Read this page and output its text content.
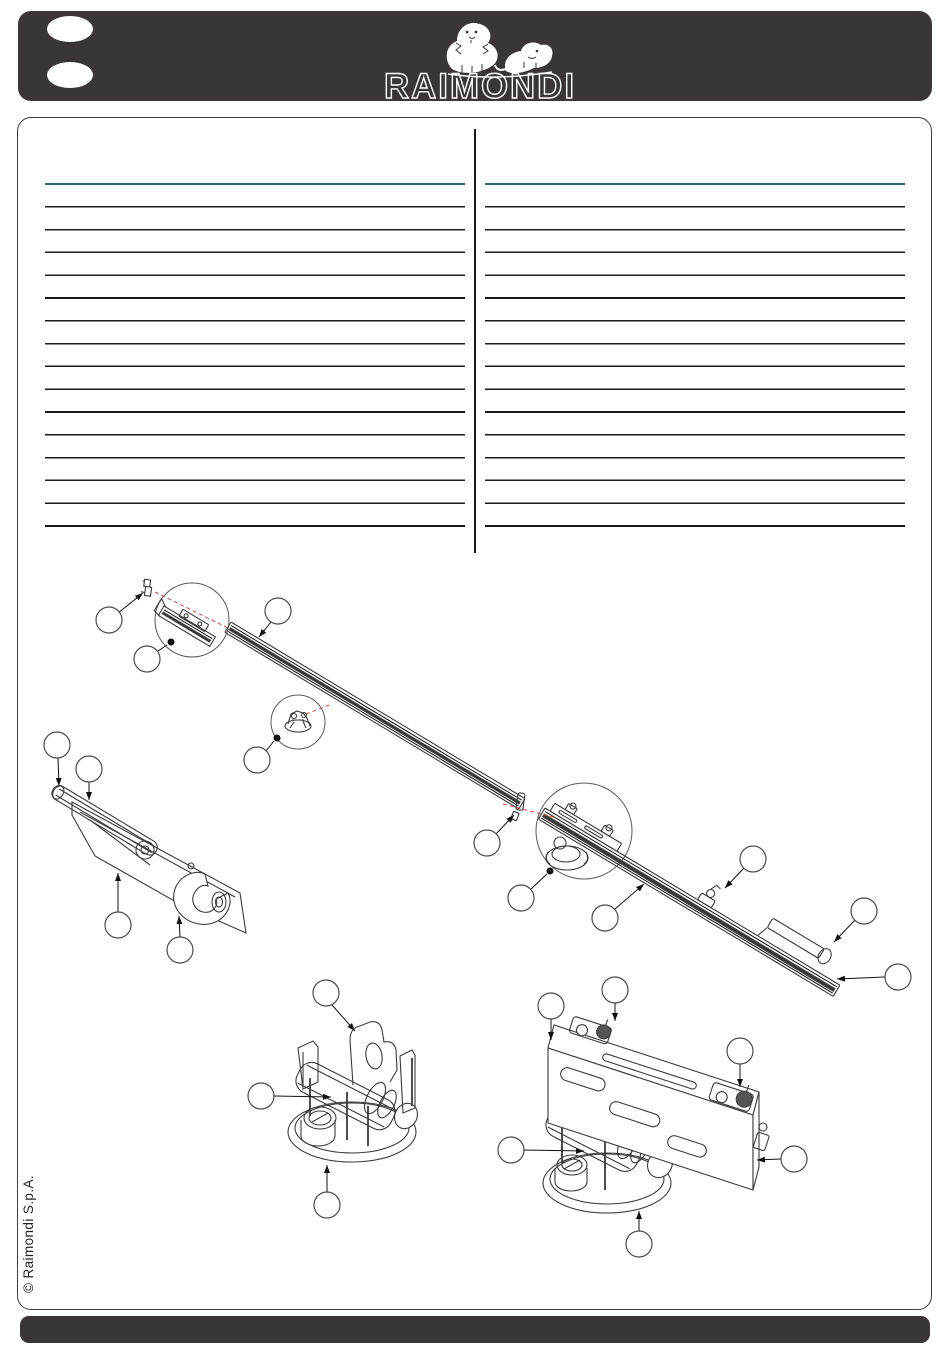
RAIMONDI
© Raimondi S.p.A.
